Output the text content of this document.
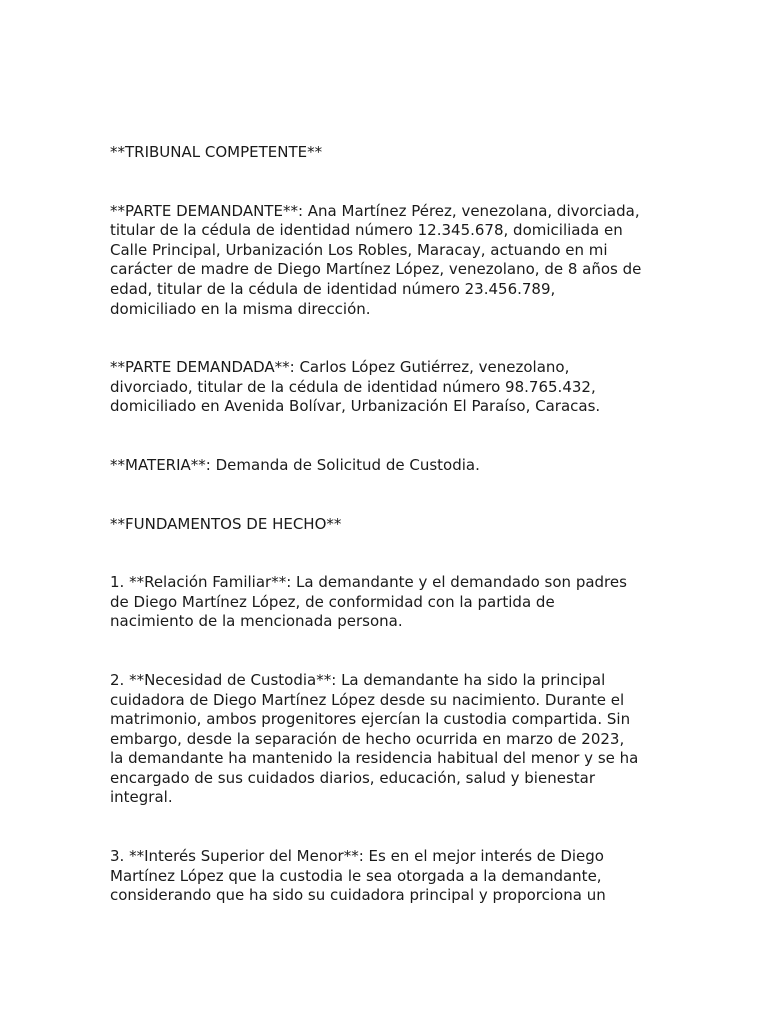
**TRIBUNAL COMPETENTE**

**PARTE DEMANDANTE**: Ana Martínez Pérez, venezolana, divorciada,
titular de la cédula de identidad número 12.345.678, domiciliada en
Calle Principal, Urbanización Los Robles, Maracay, actuando en mi
carácter de madre de Diego Martínez López, venezolano, de 8 años de
edad, titular de la cédula de identidad número 23.456.789,
domiciliado en la misma dirección.

**PARTE DEMANDADA**: Carlos López Gutiérrez, venezolano,
divorciado, titular de la cédula de identidad número 98.765.432,
domiciliado en Avenida Bolívar, Urbanización El Paraíso, Caracas.

**MATERIA**: Demanda de Solicitud de Custodia.

**FUNDAMENTOS DE HECHO**

1. **Relación Familiar**: La demandante y el demandado son padres
de Diego Martínez López, de conformidad con la partida de
nacimiento de la mencionada persona.

2. **Necesidad de Custodia**: La demandante ha sido la principal
cuidadora de Diego Martínez López desde su nacimiento. Durante el
matrimonio, ambos progenitores ejercían la custodia compartida. Sin
embargo, desde la separación de hecho ocurrida en marzo de 2023,
la demandante ha mantenido la residencia habitual del menor y se ha
encargado de sus cuidados diarios, educación, salud y bienestar
integral.

3. **Interés Superior del Menor**: Es en el mejor interés de Diego
Martínez López que la custodia le sea otorgada a la demandante,
considerando que ha sido su cuidadora principal y proporciona un
